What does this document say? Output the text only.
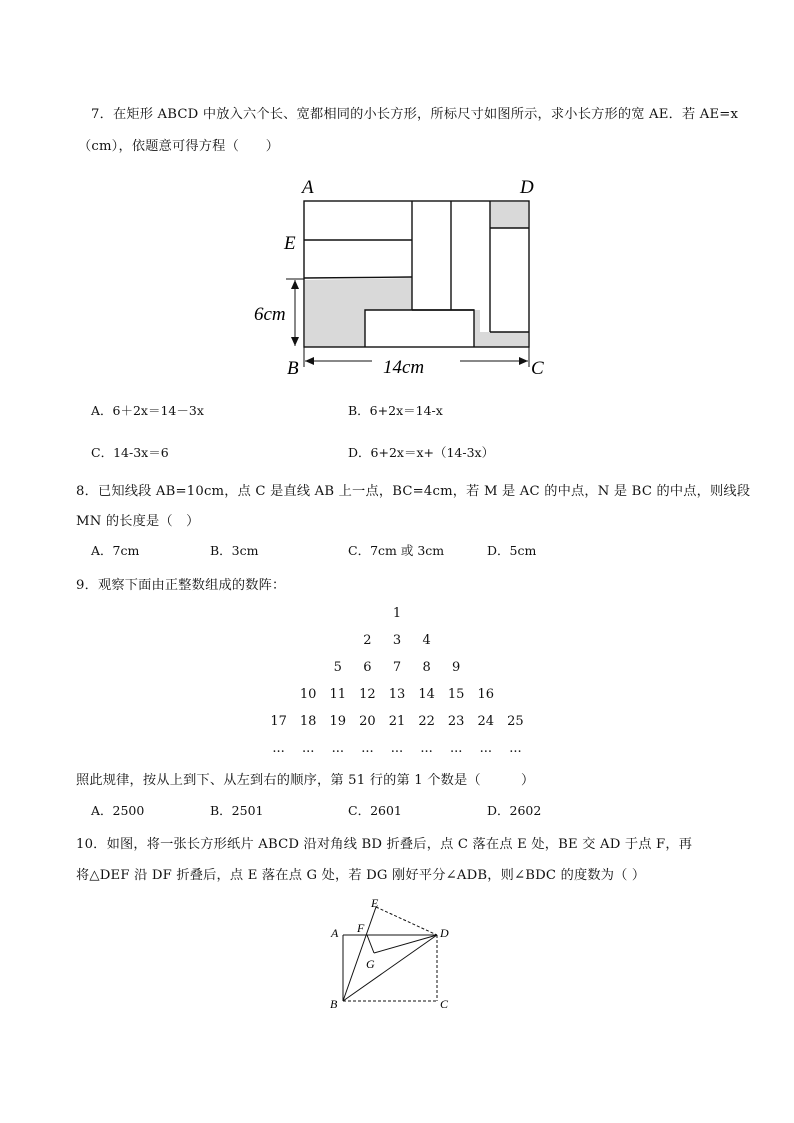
7．在矩形 ABCD 中放入六个长、宽都相同的小长方形，所标尺寸如图所示，求小长方形的宽 AE．若 AE=x
（cm），依题意可得方程（　　）
A	D
E
B	C
6cm
14cm
A．6＋2x＝14－3x	B．6+2x＝14-x
C．14-3x＝6	D．6+2x＝x+（14-3x）
8．已知线段 AB=10cm，点 C 是直线 AB 上一点，BC=4cm，若 M 是 AC 的中点，N 是 BC 的中点，则线段
MN 的长度是（　）
A．7cm	B．3cm	C．7cm 或 3cm	D．5cm
9．观察下面由正整数组成的数阵：
1
2	3	4
5	6	7	8	9
10	11	12	13	14	15	16
17	18	19	20	21	22	23	24	25
...	...	...	...	...	...	...	...	...
照此规律，按从上到下、从左到右的顺序，第 51 行的第 1 个数是（　　　）
A．2500	B．2501	C．2601	D．2602
10．如图，将一张长方形纸片 ABCD 沿对角线 BD 折叠后，点 C 落在点 E 处，BE 交 AD 于点 F，再
将△DEF 沿 DF 折叠后，点 E 落在点 G 处，若 DG 刚好平分∠ADB，则∠BDC 的度数为（ ）
A
E
F	D
G
B	C
